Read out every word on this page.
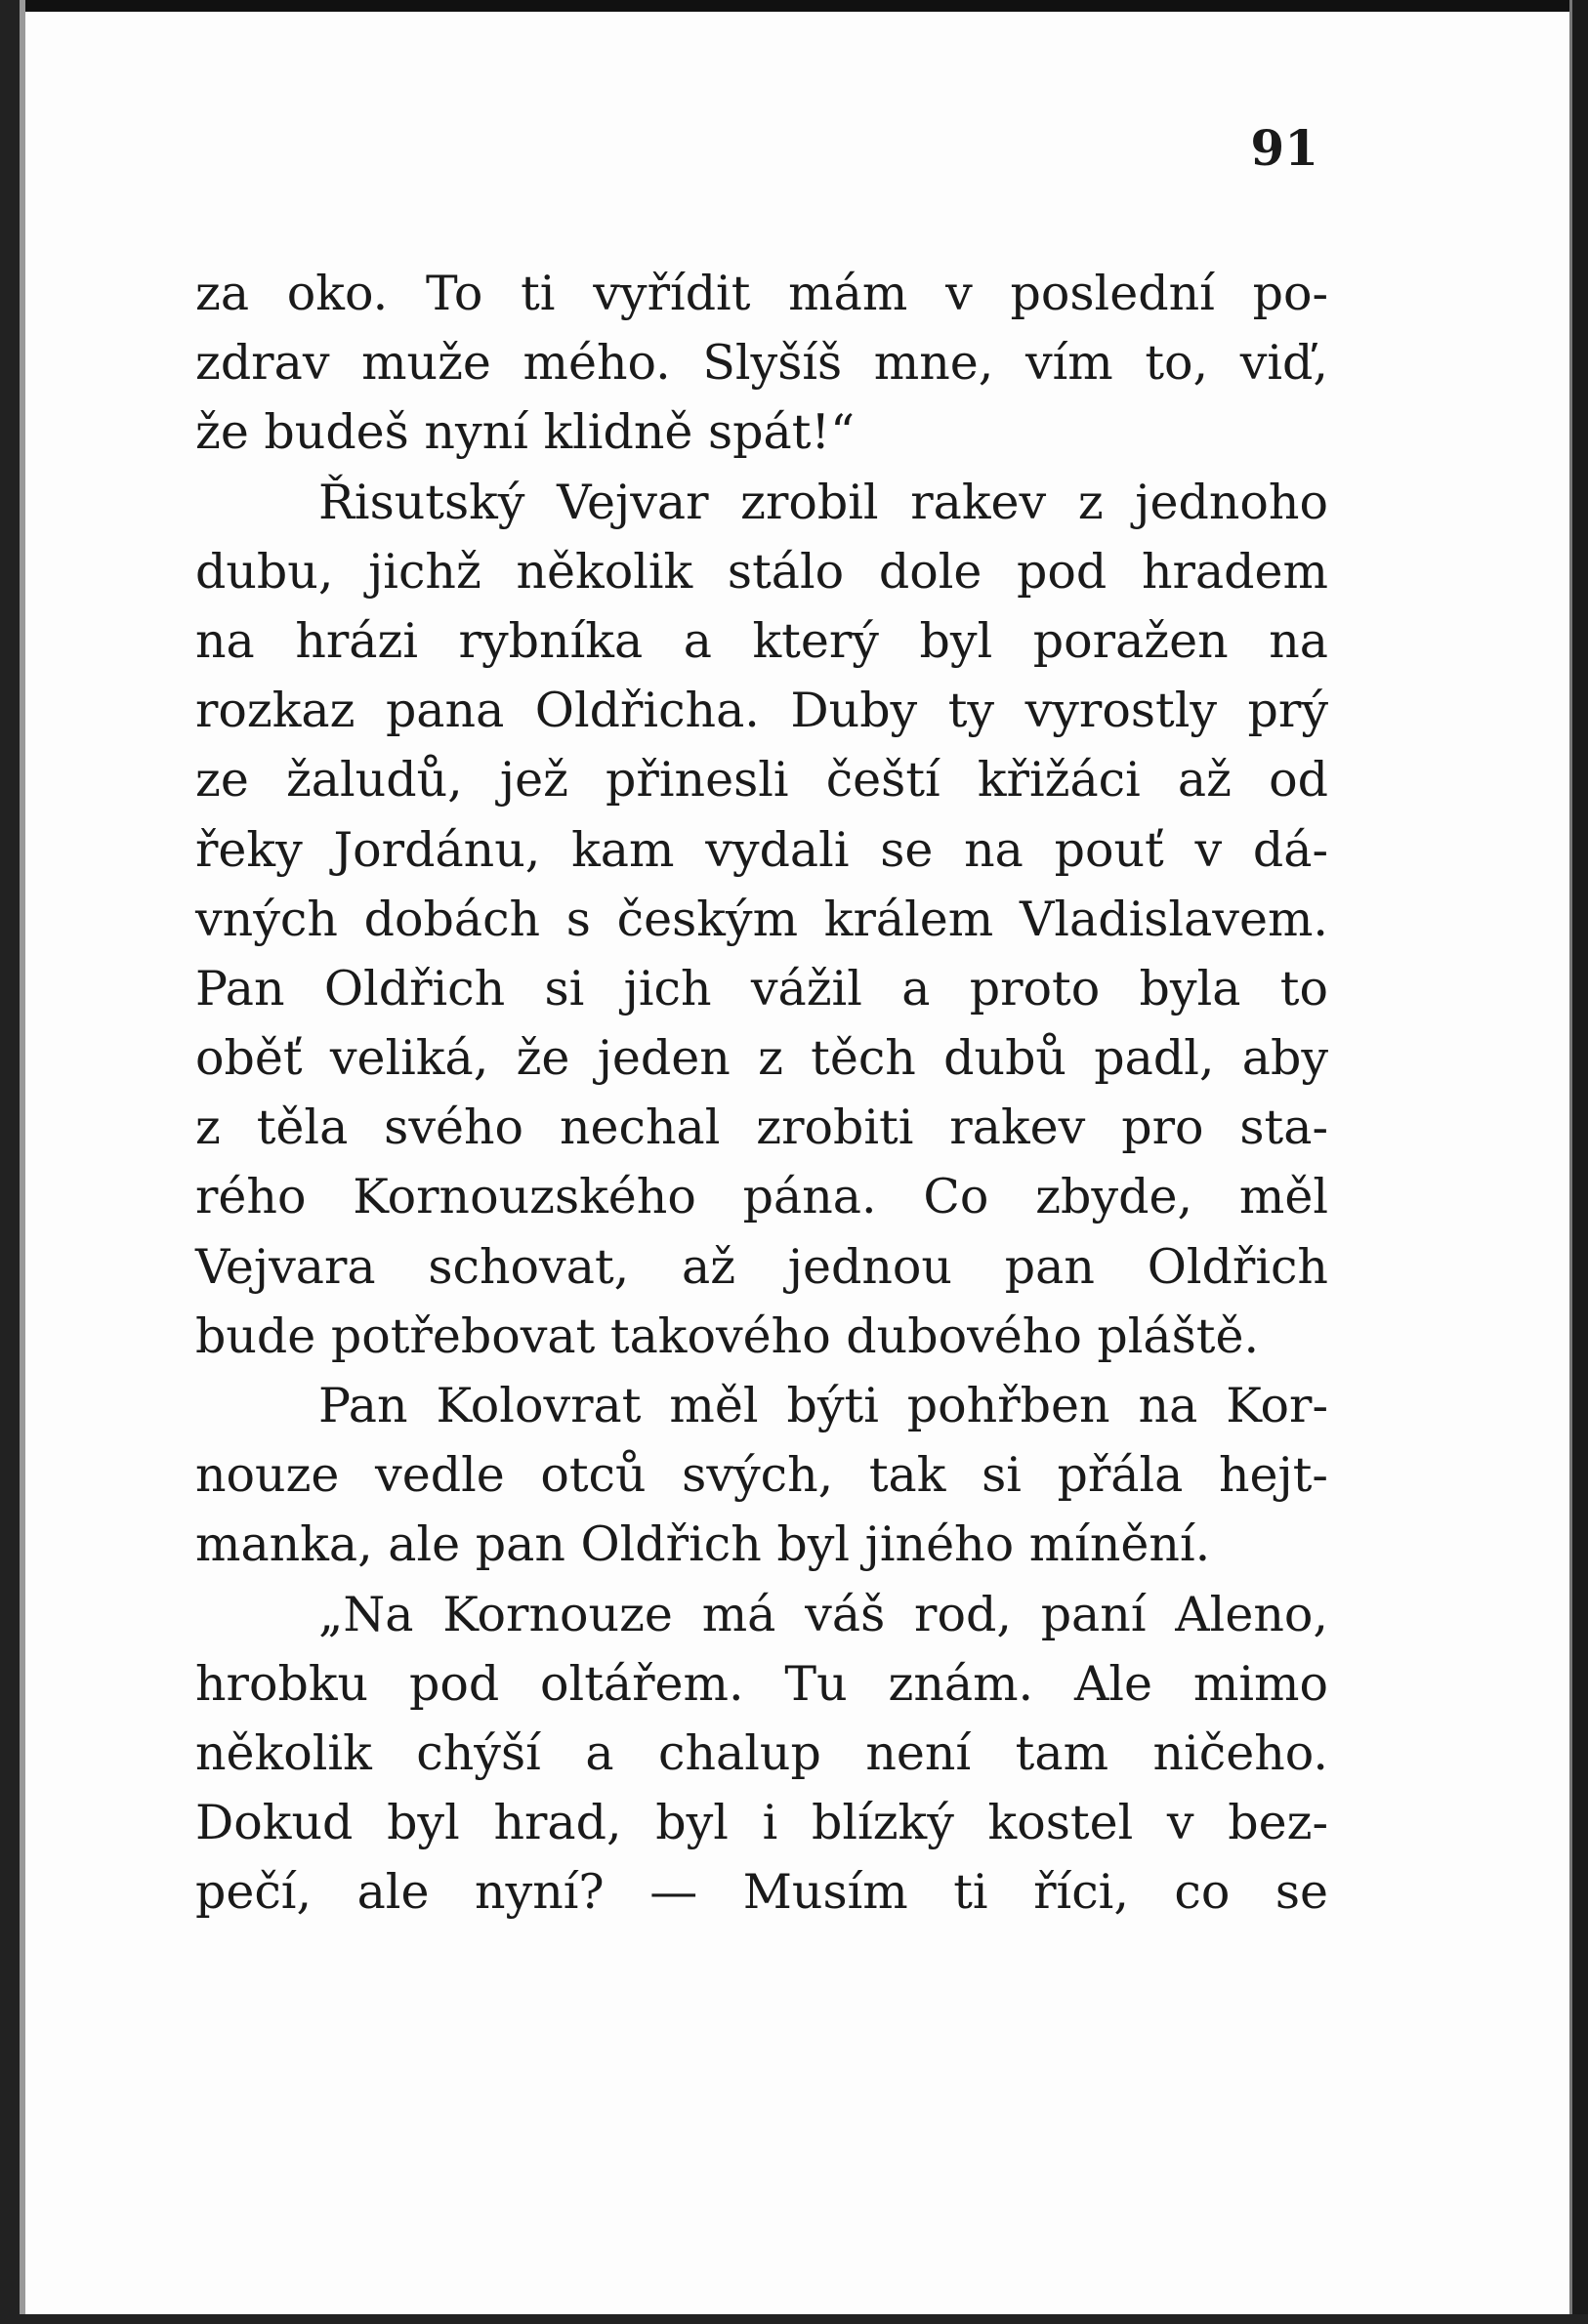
91
za oko. To ti vyřídit mám v poslední po-
zdrav muže mého. Slyšíš mne, vím to, viď,
že budeš nyní klidně spát!“
Řisutský Vejvar zrobil rakev z jednoho
dubu, jichž několik stálo dole pod hradem
na hrázi rybníka a který byl poražen na
rozkaz pana Oldřicha. Duby ty vyrostly prý
ze žaludů, jež přinesli čeští křižáci až od
řeky Jordánu, kam vydali se na pouť v dá-
vných dobách s českým králem Vladislavem.
Pan Oldřich si jich vážil a proto byla to
oběť veliká, že jeden z těch dubů padl, aby
z těla svého nechal zrobiti rakev pro sta-
rého Kornouzského pána. Co zbyde, měl
Vejvara schovat, až jednou pan Oldřich
bude potřebovat takového dubového pláště.
Pan Kolovrat měl býti pohřben na Kor-
nouze vedle otců svých, tak si přála hejt-
manka, ale pan Oldřich byl jiného mínění.
„Na Kornouze má váš rod, paní Aleno,
hrobku pod oltářem. Tu znám. Ale mimo
několik chýší a chalup není tam ničeho.
Dokud byl hrad, byl i blízký kostel v bez-
pečí, ale nyní? — Musím ti říci, co se
